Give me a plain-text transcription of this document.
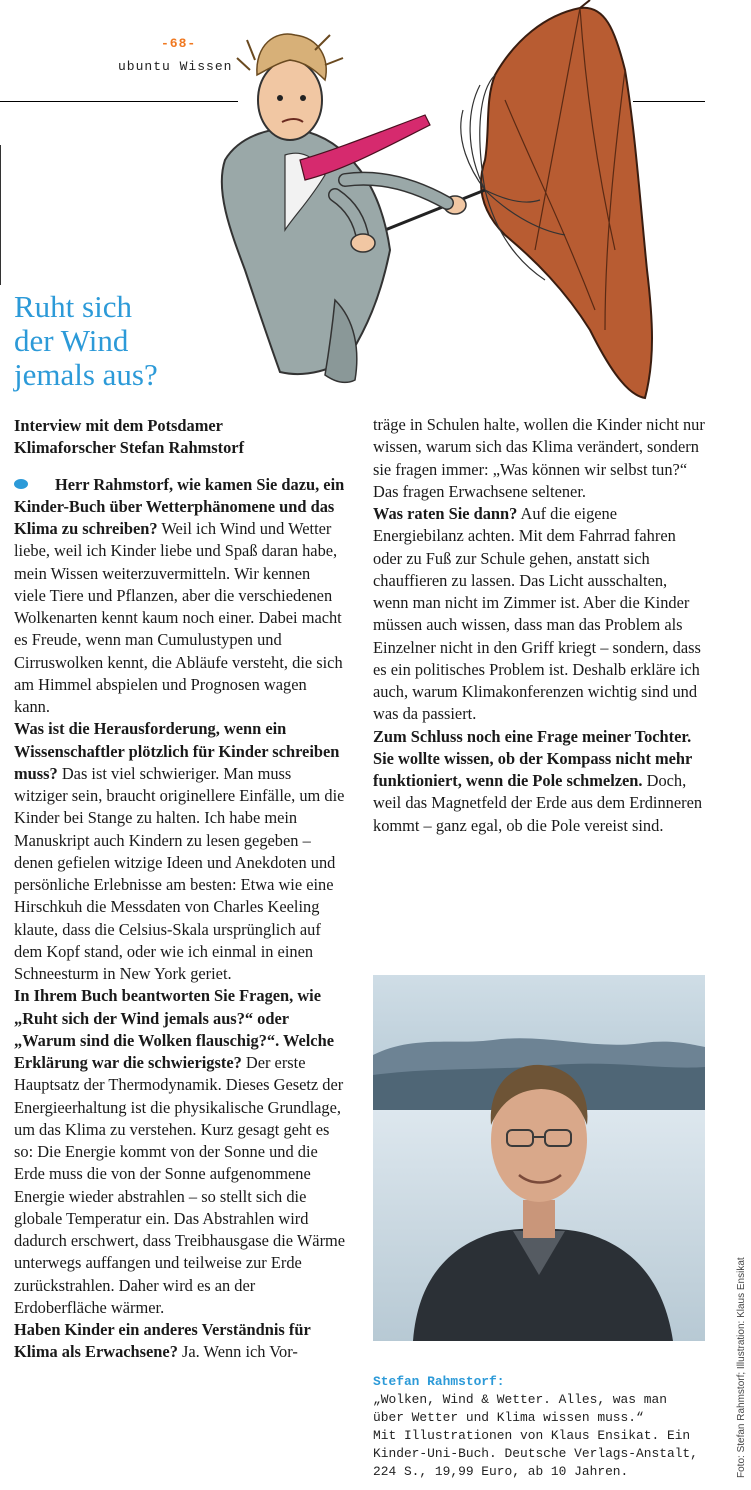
-68-
ubuntu Wissen
Ruht sich
der Wind
jemals aus?

Interview mit dem Potsdamer
Klimaforscher Stefan Rahmstorf

Herr Rahmstorf, wie kamen Sie dazu, ein Kinder-Buch über Wetterphänomene und das Klima zu schreiben? Weil ich Wind und Wetter liebe, weil ich Kinder liebe und Spaß daran habe, mein Wissen weiterzuvermitteln. Wir kennen viele Tiere und Pflanzen, aber die verschiedenen Wolkenarten kennt kaum noch einer. Dabei macht es Freude, wenn man Cumulustypen und Cirruswolken kennt, die Abläufe versteht, die sich am Himmel abspielen und Prognosen wagen kann.

Was ist die Herausforderung, wenn ein Wissenschaftler plötzlich für Kinder schreiben muss? Das ist viel schwieriger. Man muss witziger sein, braucht originellere Einfälle, um die Kinder bei Stange zu halten. Ich habe mein Manuskript auch Kindern zu lesen gegeben – denen gefielen witzige Ideen und Anekdoten und persönliche Erlebnisse am besten: Etwa wie eine Hirschkuh die Messdaten von Charles Keeling klaute, dass die Celsius-Skala ursprünglich auf dem Kopf stand, oder wie ich einmal in einen Schneesturm in New York geriet.

In Ihrem Buch beantworten Sie Fragen, wie „Ruht sich der Wind jemals aus?“ oder „Warum sind die Wolken flauschig?“. Welche Erklärung war die schwierigste? Der erste Hauptsatz der Thermodynamik. Dieses Gesetz der Energieerhaltung ist die physikalische Grundlage, um das Klima zu verstehen. Kurz gesagt geht es so: Die Energie kommt von der Sonne und die Erde muss die von der Sonne aufgenommene Energie wieder abstrahlen – so stellt sich die globale Temperatur ein. Das Abstrahlen wird dadurch erschwert, dass Treibhausgase die Wärme unterwegs auffangen und teilweise zur Erde zurückstrahlen. Daher wird es an der Erdoberfläche wärmer.

Haben Kinder ein anderes Verständnis für Klima als Erwachsene? Ja. Wenn ich Vor-

träge in Schulen halte, wollen die Kinder nicht nur wissen, warum sich das Klima verändert, sondern sie fragen immer: „Was können wir selbst tun?“ Das fragen Erwachsene seltener.

Was raten Sie dann? Auf die eigene Energiebilanz achten. Mit dem Fahrrad fahren oder zu Fuß zur Schule gehen, anstatt sich chauffieren zu lassen. Das Licht ausschalten, wenn man nicht im Zimmer ist. Aber die Kinder müssen auch wissen, dass man das Problem als Einzelner nicht in den Griff kriegt – sondern, dass es ein politisches Problem ist. Deshalb erkläre ich auch, warum Klimakonferenzen wichtig sind und was da passiert.

Zum Schluss noch eine Frage meiner Tochter. Sie wollte wissen, ob der Kompass nicht mehr funktioniert, wenn die Pole schmelzen. Doch, weil das Magnetfeld der Erde aus dem Erdinneren kommt – ganz egal, ob die Pole vereist sind.

Stefan Rahmstorf:
„Wolken, Wind & Wetter. Alles, was man
über Wetter und Klima wissen muss.“
Mit Illustrationen von Klaus Ensikat. Ein
Kinder-Uni-Buch. Deutsche Verlags-Anstalt,
224 S., 19,99 Euro, ab 10 Jahren.	Foto: Stefan Rahmstorf; Illustration: Klaus Ensikat
